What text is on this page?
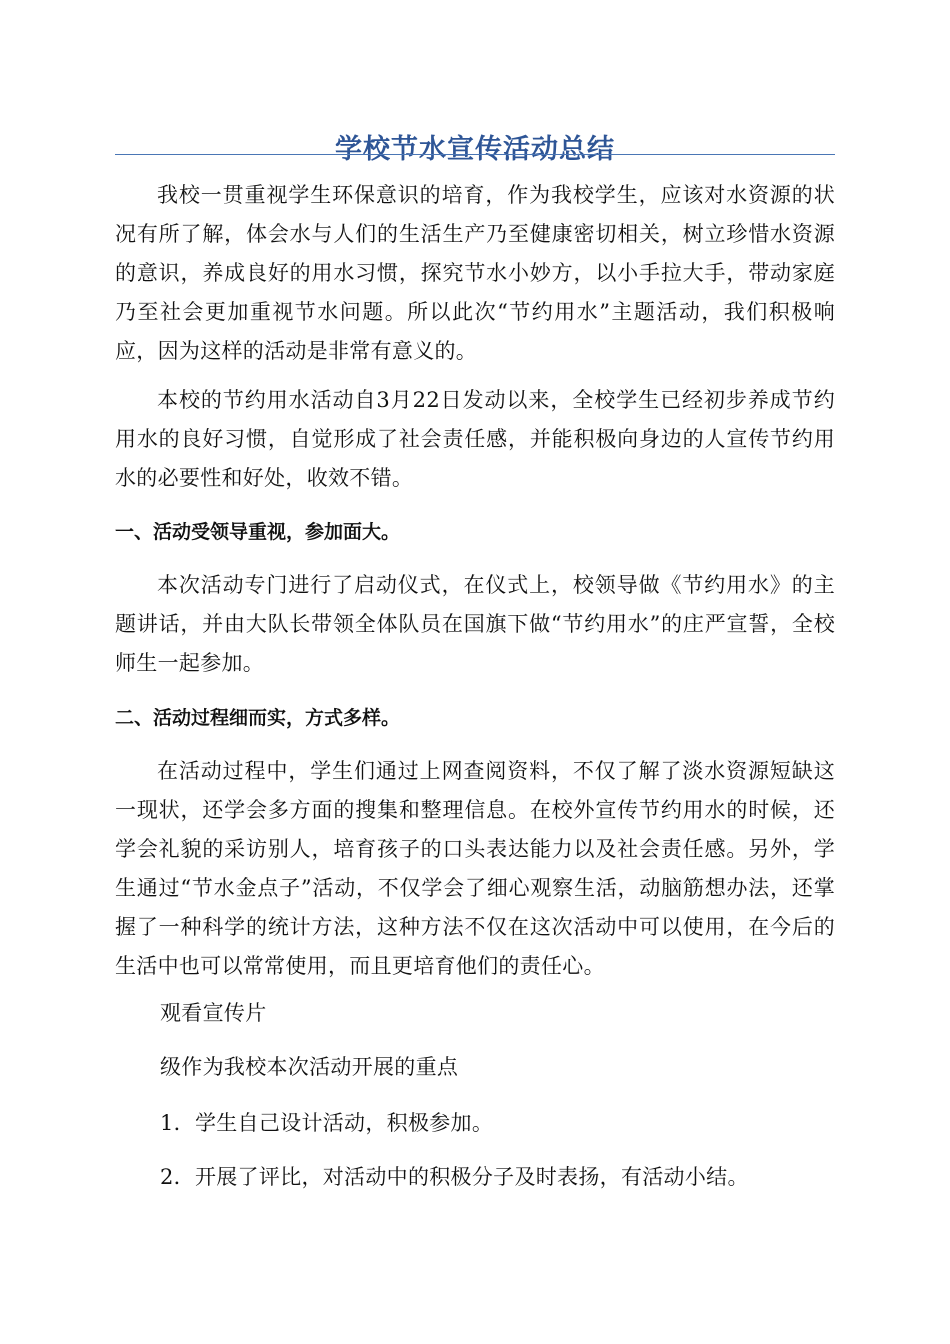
学校节水宣传活动总结

我校一贯重视学生环保意识的培育，作为我校学生，应该对水资源的状况有所了解，体会水与人们的生活生产乃至健康密切相关，树立珍惜水资源的意识，养成良好的用水习惯，探究节水小妙方，以小手拉大手，带动家庭乃至社会更加重视节水问题。所以此次“节约用水”主题活动，我们积极响应，因为这样的活动是非常有意义的。

本校的节约用水活动自3月22日发动以来，全校学生已经初步养成节约用水的良好习惯，自觉形成了社会责任感，并能积极向身边的人宣传节约用水的必要性和好处，收效不错。

一、活动受领导重视，参加面大。

本次活动专门进行了启动仪式，在仪式上，校领导做《节约用水》的主题讲话，并由大队长带领全体队员在国旗下做“节约用水”的庄严宣誓，全校师生一起参加。

二、活动过程细而实，方式多样。

在活动过程中，学生们通过上网查阅资料，不仅了解了淡水资源短缺这一现状，还学会多方面的搜集和整理信息。在校外宣传节约用水的时候，还学会礼貌的采访别人，培育孩子的口头表达能力以及社会责任感。另外，学生通过“节水金点子”活动，不仅学会了细心观察生活，动脑筋想办法，还掌握了一种科学的统计方法，这种方法不仅在这次活动中可以使用，在今后的生活中也可以常常使用，而且更培育他们的责任心。

观看宣传片

级作为我校本次活动开展的重点

1．学生自己设计活动，积极参加。

2．开展了评比，对活动中的积极分子及时表扬，有活动小结。
